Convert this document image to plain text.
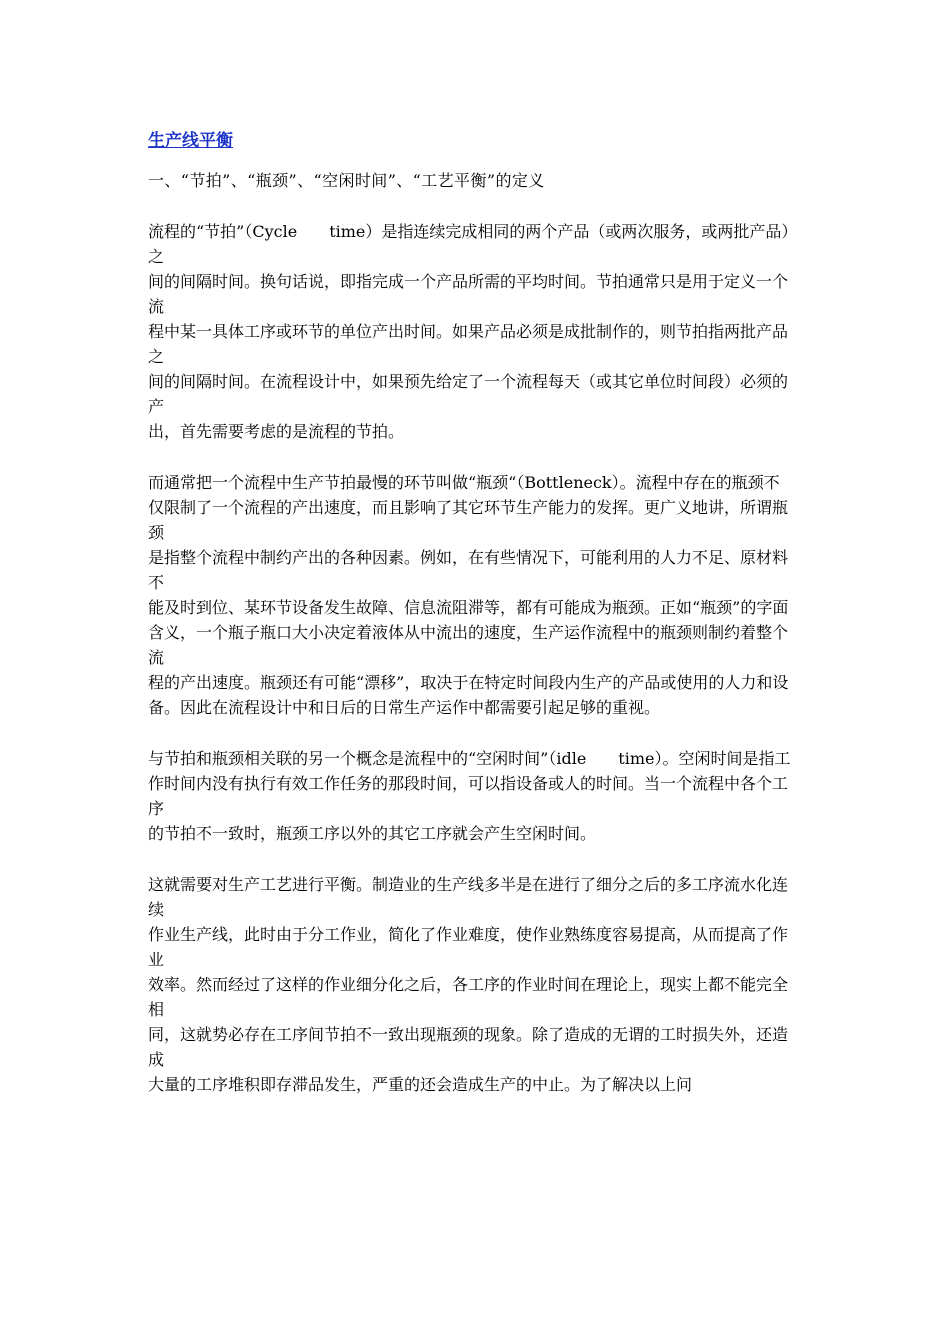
生产线平衡
一、“节拍”、“瓶颈”、“空闲时间”、“工艺平衡”的定义
流程的“节拍”（Cycle　　time）是指连续完成相同的两个产品（或两次服务，或两批产品）之
间的间隔时间。换句话说，即指完成一个产品所需的平均时间。节拍通常只是用于定义一个流
程中某一具体工序或环节的单位产出时间。如果产品必须是成批制作的，则节拍指两批产品之
间的间隔时间。在流程设计中，如果预先给定了一个流程每天（或其它单位时间段）必须的产
出，首先需要考虑的是流程的节拍。
而通常把一个流程中生产节拍最慢的环节叫做“瓶颈“（Bottleneck）。流程中存在的瓶颈不
仅限制了一个流程的产出速度，而且影响了其它环节生产能力的发挥。更广义地讲，所谓瓶颈
是指整个流程中制约产出的各种因素。例如，在有些情况下，可能利用的人力不足、原材料不
能及时到位、某环节设备发生故障、信息流阻滞等，都有可能成为瓶颈。正如“瓶颈”的字面
含义，一个瓶子瓶口大小决定着液体从中流出的速度，生产运作流程中的瓶颈则制约着整个流
程的产出速度。瓶颈还有可能“漂移”，取决于在特定时间段内生产的产品或使用的人力和设
备。因此在流程设计中和日后的日常生产运作中都需要引起足够的重视。
与节拍和瓶颈相关联的另一个概念是流程中的“空闲时间”（idle　　time）。空闲时间是指工
作时间内没有执行有效工作任务的那段时间，可以指设备或人的时间。当一个流程中各个工序
的节拍不一致时，瓶颈工序以外的其它工序就会产生空闲时间。
这就需要对生产工艺进行平衡。制造业的生产线多半是在进行了细分之后的多工序流水化连续
作业生产线，此时由于分工作业，简化了作业难度，使作业熟练度容易提高，从而提高了作业
效率。然而经过了这样的作业细分化之后，各工序的作业时间在理论上，现实上都不能完全相
同，这就势必存在工序间节拍不一致出现瓶颈的现象。除了造成的无谓的工时损失外，还造成
大量的工序堆积即存滞品发生，严重的还会造成生产的中止。为了解决以上问
